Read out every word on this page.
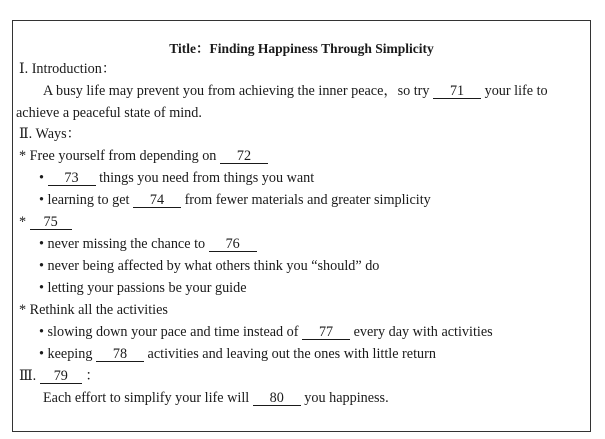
Title：Finding Happiness Through Simplicity
Ⅰ. Introduction：
A busy life may prevent you from achieving the inner peace，so try 71 your life to
achieve a peaceful state of mind.
Ⅱ. Ways：
* Free yourself from depending on 72
• 73 things you need from things you want
• learning to get 74 from fewer materials and greater simplicity
* 75
• never missing the chance to 76
• never being affected by what others think you “should” do
• letting your passions be your guide
* Rethink all the activities
• slowing down your pace and time instead of 77 every day with activities
• keeping 78 activities and leaving out the ones with little return
Ⅲ. 79 ：
Each effort to simplify your life will 80 you happiness.
